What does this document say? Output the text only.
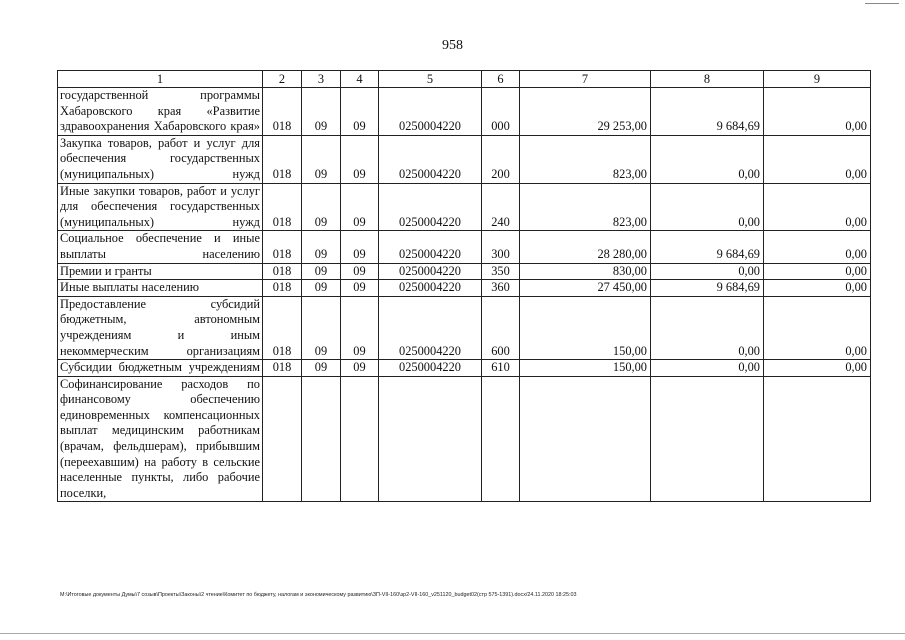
958
1	2	3	4	5	6	7	8	9
государственной программы Хабаровского края «Развитие здравоохранения Хабаровского края»	018	09	09	0250004220	000	29 253,00	9 684,69	0,00
Закупка товаров, работ и услуг для обеспечения государственных (муниципальных) нужд	018	09	09	0250004220	200	823,00	0,00	0,00
Иные закупки товаров, работ и услуг для обеспечения государственных (муниципальных) нужд	018	09	09	0250004220	240	823,00	0,00	0,00
Социальное обеспечение и иные выплаты населению	018	09	09	0250004220	300	28 280,00	9 684,69	0,00
Премии и гранты	018	09	09	0250004220	350	830,00	0,00	0,00
Иные выплаты населению	018	09	09	0250004220	360	27 450,00	9 684,69	0,00
Предоставление субсидий бюджетным, автономным учреждениям и иным некоммерческим организациям	018	09	09	0250004220	600	150,00	0,00	0,00
Субсидии бюджетным учреждениям	018	09	09	0250004220	610	150,00	0,00	0,00
Софинансирование расходов по финансовому обеспечению единовременных компенсационных выплат медицинским работникам (врачам, фельдшерам), прибывшим (переехавшим) на работу в сельские населенные пункты, либо рабочие поселки,								
M:\Итоговые документы Думы\7 созыв\Проекты\Законы\2 чтение\Комитет по бюджету, налогам и экономическому развитию\ЗП-VII-160\зр2-VII-160_v251120_budget02(стр 575-1391).docx/24.11.2020 18:25:03
